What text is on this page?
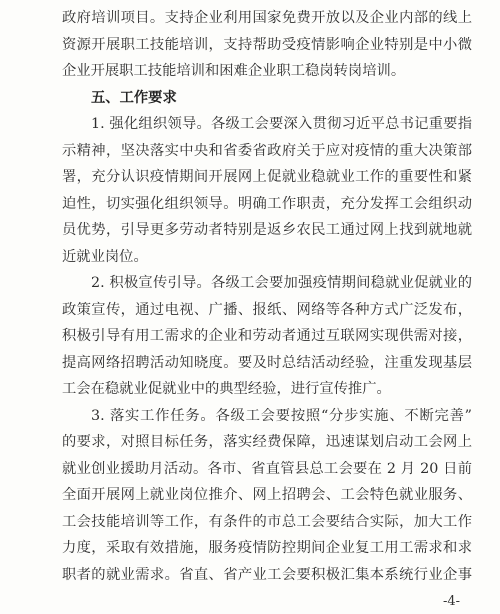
政府培训项目。支持企业利用国家免费开放以及企业内部的线上
资源开展职工技能培训，支持帮助受疫情影响企业特别是中小微
企业开展职工技能培训和困难企业职工稳岗转岗培训。
五、工作要求
1. 强化组织领导。各级工会要深入贯彻习近平总书记重要指
示精神，坚决落实中央和省委省政府关于应对疫情的重大决策部
署，充分认识疫情期间开展网上促就业稳就业工作的重要性和紧
迫性，切实强化组织领导。明确工作职责，充分发挥工会组织动
员优势，引导更多劳动者特别是返乡农民工通过网上找到就地就
近就业岗位。
2. 积极宣传引导。各级工会要加强疫情期间稳就业促就业的
政策宣传，通过电视、广播、报纸、网络等各种方式广泛发布，
积极引导有用工需求的企业和劳动者通过互联网实现供需对接，
提高网络招聘活动知晓度。要及时总结活动经验，注重发现基层
工会在稳就业促就业中的典型经验，进行宣传推广。
3. 落实工作任务。各级工会要按照“分步实施、不断完善”
的要求，对照目标任务，落实经费保障，迅速谋划启动工会网上
就业创业援助月活动。各市、省直管县总工会要在 2 月 20 日前
全面开展网上就业岗位推介、网上招聘会、工会特色就业服务、
工会技能培训等工作，有条件的市总工会要结合实际，加大工作
力度，采取有效措施，服务疫情防控期间企业复工用工需求和求
职者的就业需求。省直、省产业工会要积极汇集本系统行业企事
-4-
